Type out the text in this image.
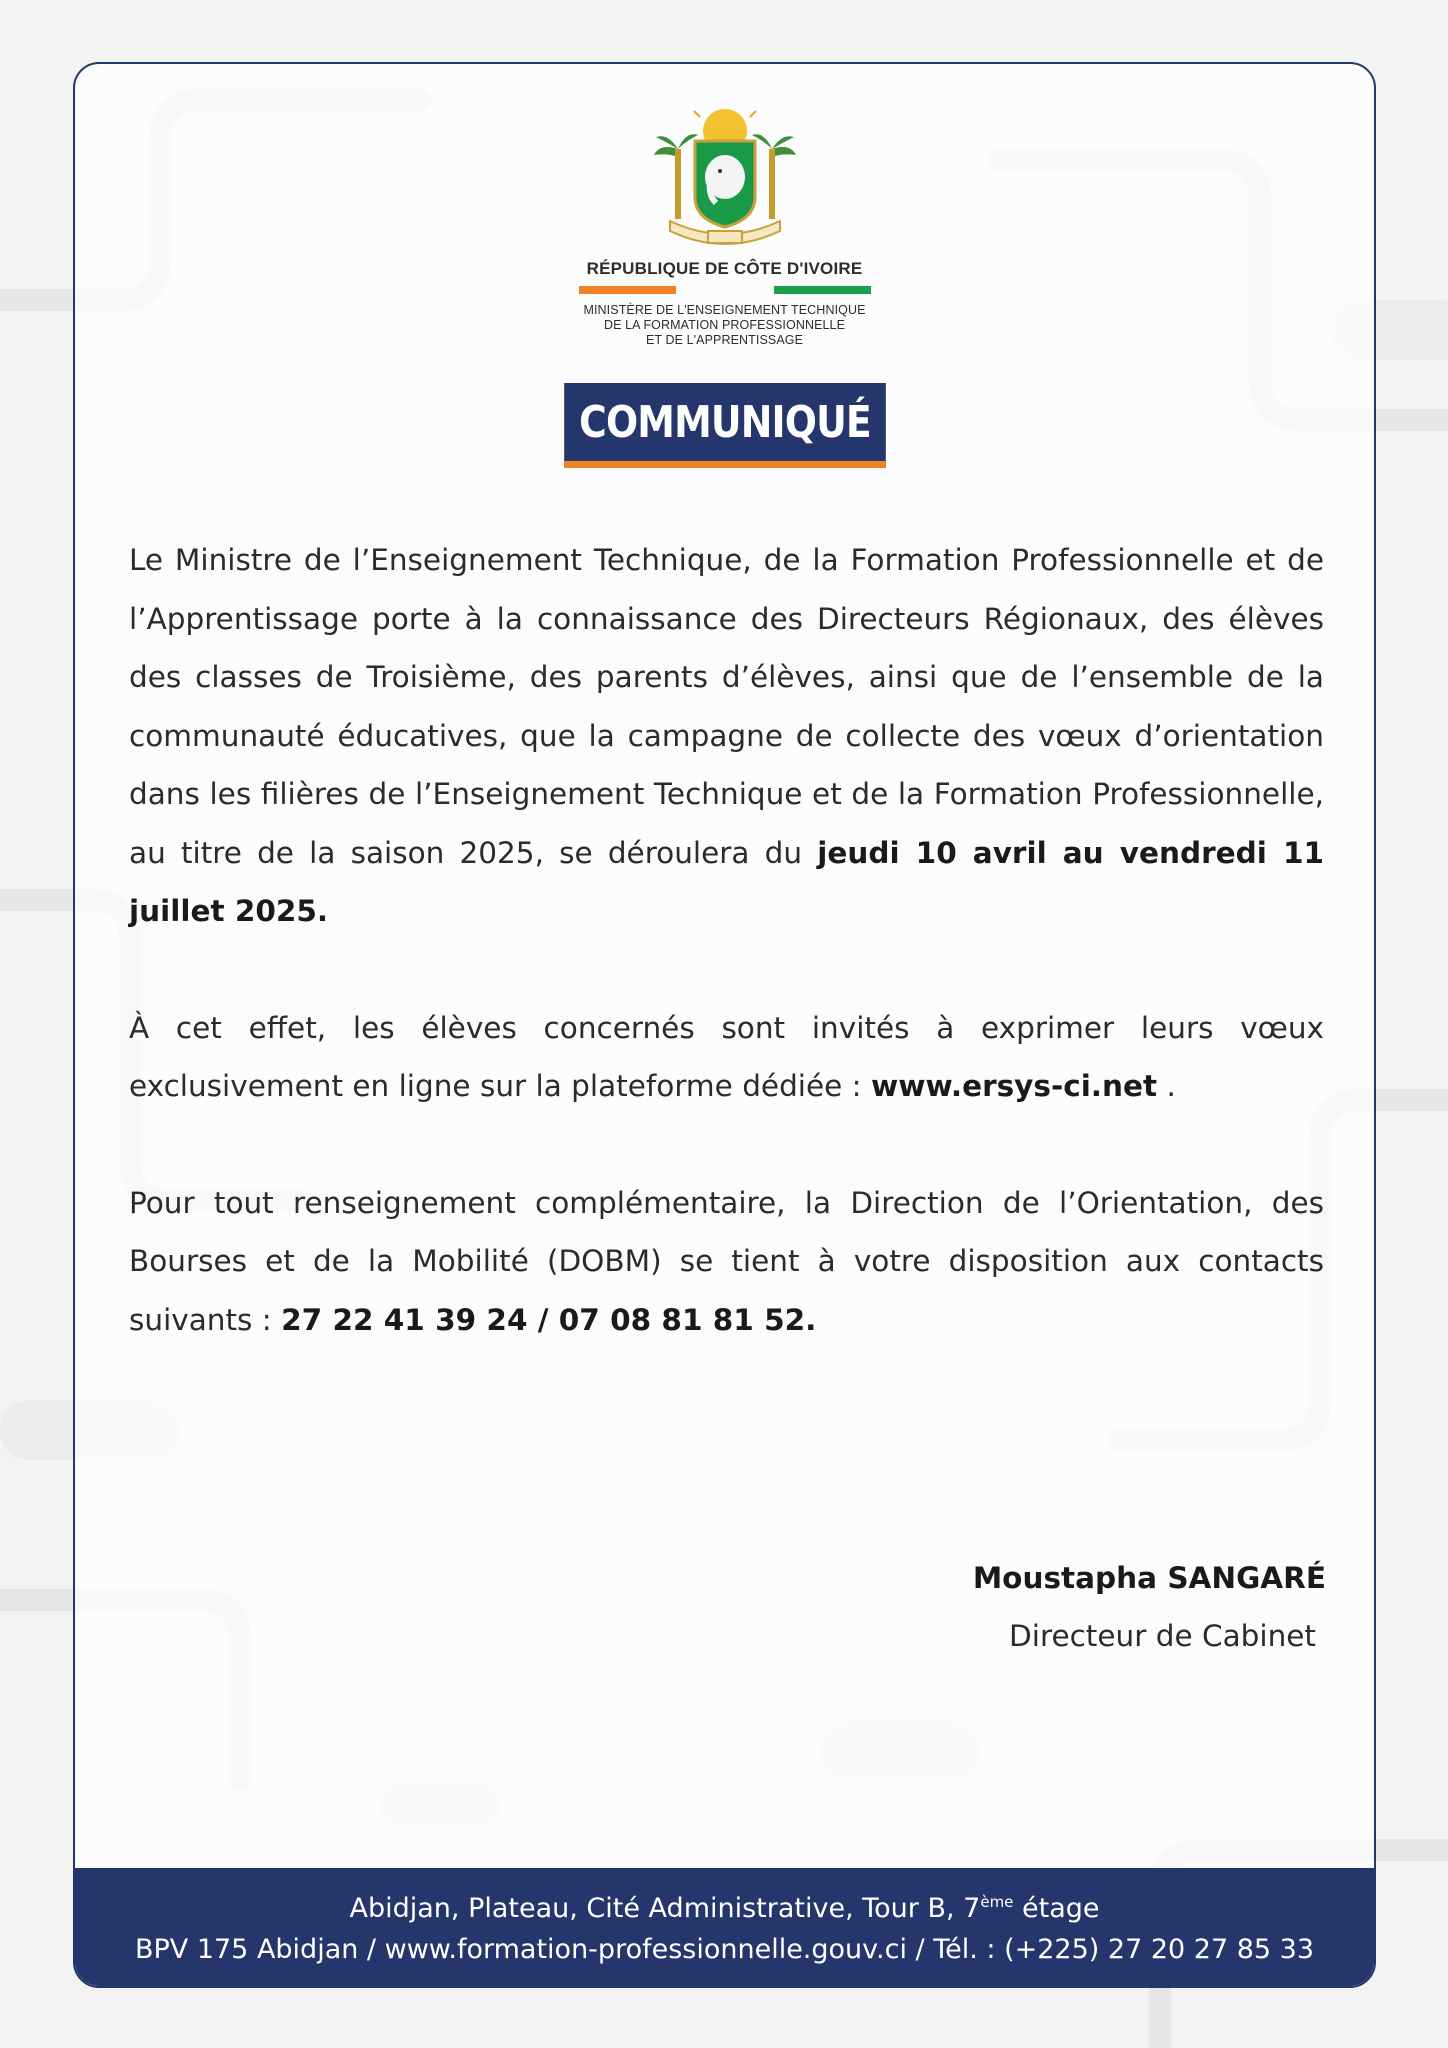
RÉPUBLIQUE DE CÔTE D'IVOIRE
MINISTÈRE DE L'ENSEIGNEMENT TECHNIQUE
DE LA FORMATION PROFESSIONNELLE
ET DE L'APPRENTISSAGE
COMMUNIQUÉ

Le Ministre de l’Enseignement Technique, de la Formation Professionnelle et de l’Apprentissage porte à la connaissance des Directeurs Régionaux, des élèves des classes de Troisième, des parents d’élèves, ainsi que de l’ensemble de la communauté éducatives, que la campagne de collecte des vœux d’orientation dans les filières de l’Enseignement Technique et de la Formation Professionnelle, au titre de la saison 2025, se déroulera du jeudi 10 avril au vendredi 11 juillet 2025.

À cet effet, les élèves concernés sont invités à exprimer leurs vœux exclusivement en ligne sur la plateforme dédiée : www.ersys-ci.net .

Pour tout renseignement complémentaire, la Direction de l’Orientation, des Bourses et de la Mobilité (DOBM) se tient à votre disposition aux contacts suivants : 27 22 41 39 24 / 07 08 81 81 52.

Moustapha SANGARÉ
Directeur de Cabinet
Abidjan, Plateau, Cité Administrative, Tour B, 7ème étage
BPV 175 Abidjan / www.formation-professionnelle.gouv.ci / Tél. : (+225) 27 20 27 85 33
